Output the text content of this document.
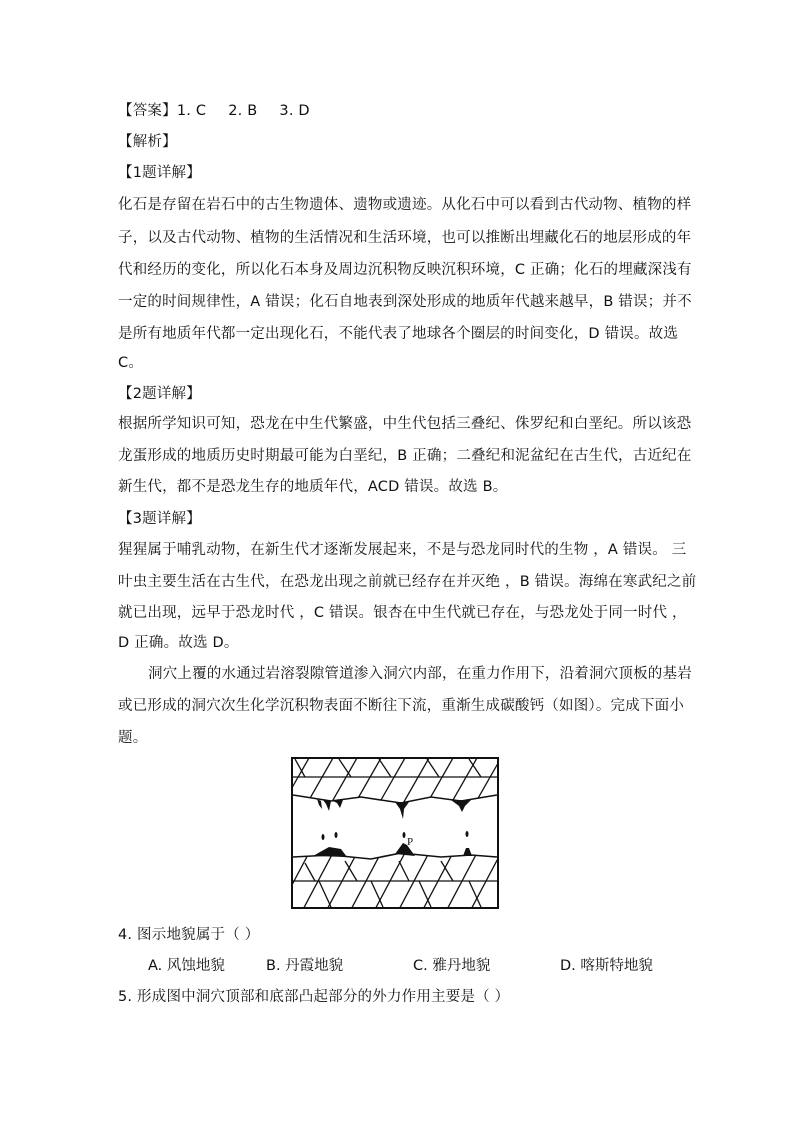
【答案】1. C 2. B 3. D
【解析】
【1题详解】
化石是存留在岩石中的古生物遗体、遗物或遗迹。从化石中可以看到古代动物、植物的样
子，以及古代动物、植物的生活情况和生活环境，也可以推断出埋藏化石的地层形成的年
代和经历的变化，所以化石本身及周边沉积物反映沉积环境，C 正确；化石的埋藏深浅有
一定的时间规律性，A 错误；化石自地表到深处形成的地质年代越来越早，B 错误；并不
是所有地质年代都一定出现化石，不能代表了地球各个圈层的时间变化，D 错误。故选
C。
【2题详解】
根据所学知识可知，恐龙在中生代繁盛，中生代包括三叠纪、侏罗纪和白垩纪。所以该恐
龙蛋形成的地质历史时期最可能为白垩纪，B 正确；二叠纪和泥盆纪在古生代，古近纪在
新生代，都不是恐龙生存的地质年代，ACD 错误。故选 B。
【3题详解】
猩猩属于哺乳动物，在新生代才逐渐发展起来，不是与恐龙同时代的生物 ，A 错误。 三
叶虫主要生活在古生代，在恐龙出现之前就已经存在并灭绝 ，B 错误。海绵在寒武纪之前
就已出现，远早于恐龙时代 ，C 错误。银杏在中生代就已存在，与恐龙处于同一时代 ，
D 正确。故选 D。
洞穴上覆的水通过岩溶裂隙管道渗入洞穴内部，在重力作用下，沿着洞穴顶板的基岩
或已形成的洞穴次生化学沉积物表面不断往下流，重渐生成碳酸钙（如图）。完成下面小
题。
P
4. 图示地貌属于（ ）
A. 风蚀地貌	B. 丹霞地貌	C. 雅丹地貌	D. 喀斯特地貌
5. 形成图中洞穴顶部和底部凸起部分的外力作用主要是（ ）
